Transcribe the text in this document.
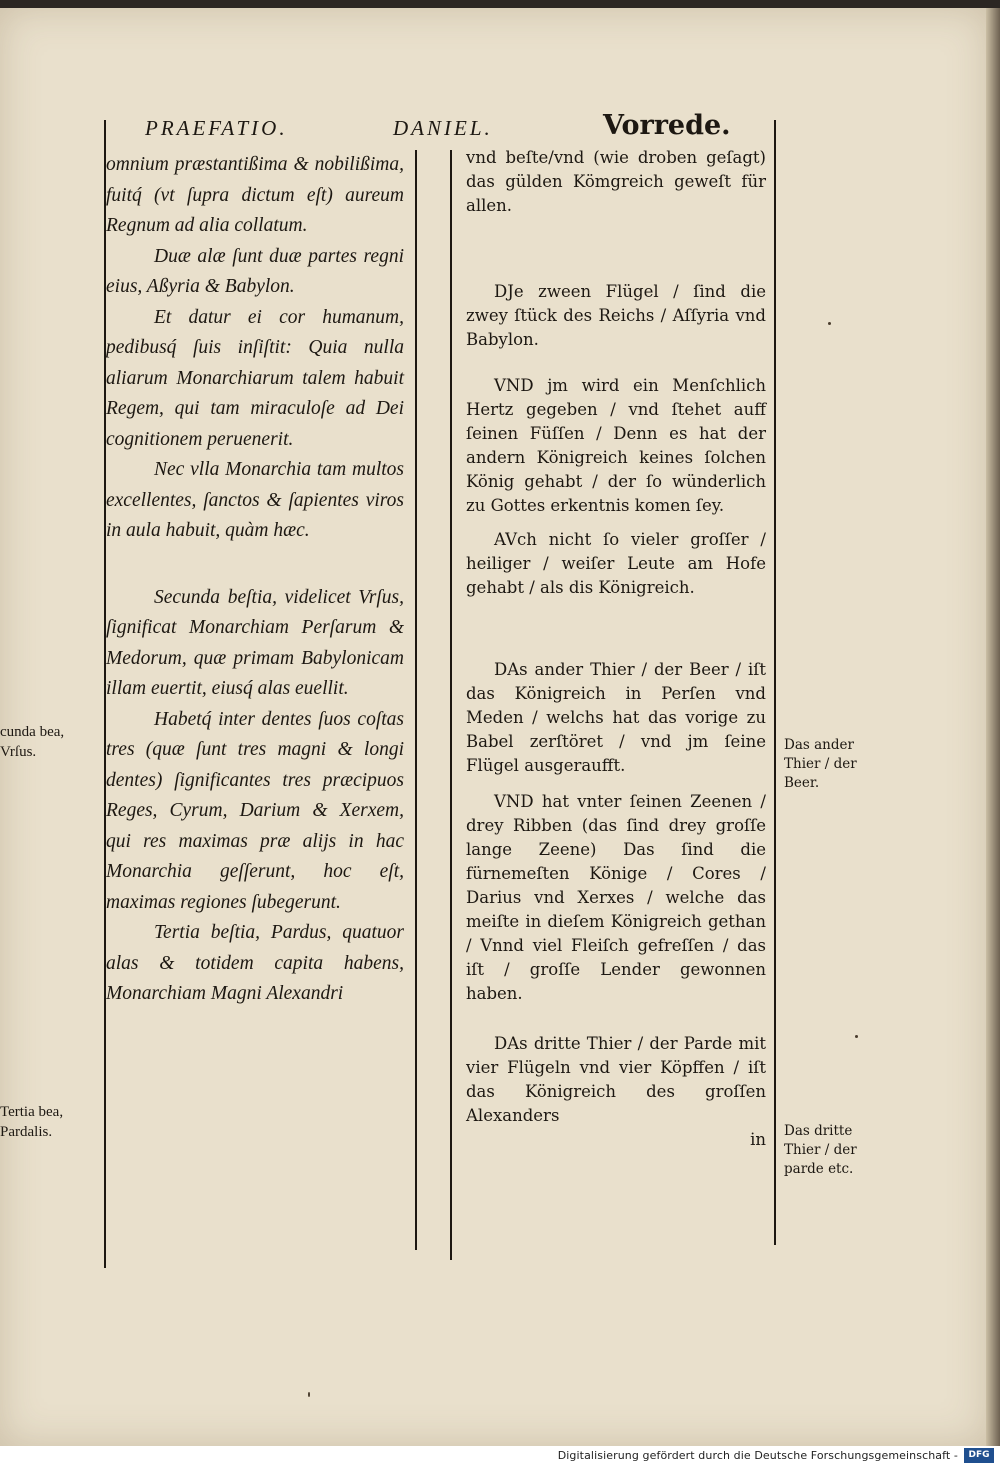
PRAEFATIO.	DANIEL.	Vorrede.

omnium præstantißima & nobilißima, fuitq́ (vt ſupra dictum eſt) aureum Regnum ad alia collatum.

Duæ alæ ſunt duæ partes regni eius, Aßyria & Babylon.

Et datur ei cor humanum, pedibusq́ ſuis inſiſtit: Quia nulla aliarum Monarchiarum talem habuit Regem, qui tam miraculoſe ad Dei cognitionem peruenerit.

Nec vlla Monarchia tam multos excellentes, ſanctos & ſapientes viros in aula habuit, quàm hæc.

Secunda beſtia, videlicet Vrſus, ſignificat Monarchiam Perſarum & Medorum, quæ primam Babylonicam illam euertit, eiusq́ alas euellit.

Habetq́ inter dentes ſuos coſtas tres (quæ ſunt tres magni & longi dentes) ſignificantes tres præcipuos Reges, Cyrum, Darium & Xerxem, qui res maximas præ alijs in hac Monarchia geſſerunt, hoc eſt, maximas regiones ſubegerunt.

Tertia beſtia, Pardus, quatuor alas & totidem capita habens, Monarchiam Magni Alexandri

vnd beſte/vnd (wie droben geſagt) das gülden Kömgreich geweſt für allen.

DJe zween Flügel / ſind die zwey ſtück des Reichs / Aſſyria vnd Babylon.

VND jm wird ein Menſchlich Hertz gegeben / vnd ſtehet auff ſeinen Füſſen / Denn es hat der andern Königreich keines ſolchen König gehabt / der ſo wünderlich zu Gottes erkentnis komen ſey.

AVch nicht ſo vieler groſſer / heiliger / weiſer Leute am Hofe gehabt / als dis Königreich.

DAs ander Thier / der Beer / iſt das Königreich in Perſen vnd Meden / welchs hat das vorige zu Babel zerſtöret / vnd jm ſeine Flügel ausgeraufft.

VND hat vnter ſeinen Zeenen / drey Ribben (das ſind drey groſſe lange Zeene) Das ſind die fürnemeſten Könige / Cores / Darius vnd Xerxes / welche das meiſte in dieſem Königreich gethan / Vnnd viel Fleiſch gefreſſen / das iſt / groſſe Lender gewonnen haben.

DAs dritte Thier / der Parde mit vier Flügeln vnd vier Köpffen / iſt das Königreich des groſſen Alexanders

in

cunda bea, Vrſus.
Tertia bea, Pardalis.
Das ander Thier / der Beer.
Das dritte Thier / der parde etc.
Digitalisierung gefördert durch die Deutsche Forschungsgemeinschaft -	DFG
